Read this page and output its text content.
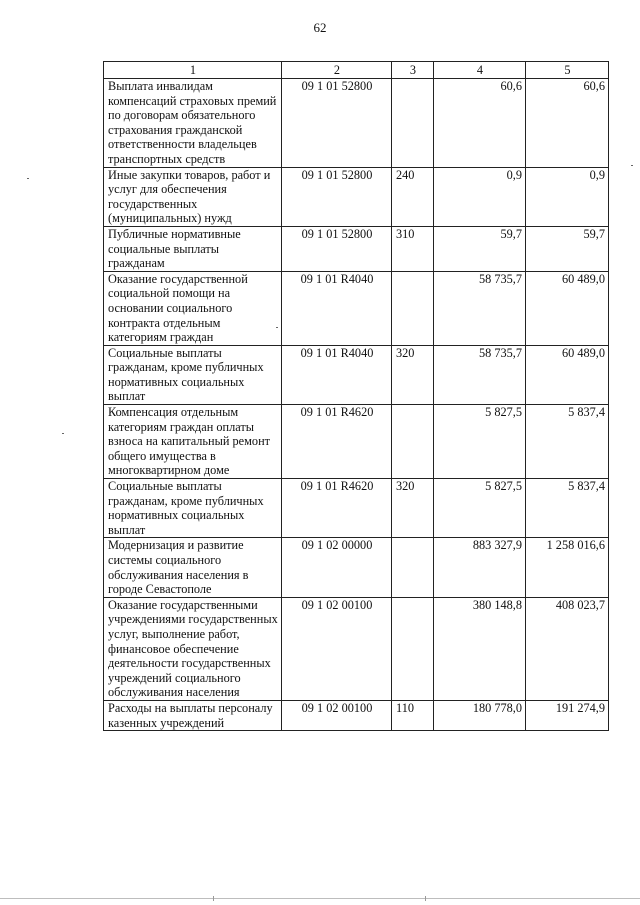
62
1	2	3	4	5
Выплата инвалидам компенсаций страховых премий по договорам обязательного страхования гражданской ответственности владельцев транспортных средств	09 1 01 52800		60,6	60,6
Иные закупки товаров, работ и услуг для обеспечения государственных (муниципальных) нужд	09 1 01 52800	240	0,9	0,9
Публичные нормативные социальные выплаты гражданам	09 1 01 52800	310	59,7	59,7
Оказание государственной социальной помощи на основании социального контракта отдельным категориям граждан	09 1 01 R4040		58 735,7	60 489,0
Социальные выплаты гражданам, кроме публичных нормативных социальных выплат	09 1 01 R4040	320	58 735,7	60 489,0
Компенсация отдельным категориям граждан оплаты взноса на капитальный ремонт общего имущества в многоквартирном доме	09 1 01 R4620		5 827,5	5 837,4
Социальные выплаты гражданам, кроме публичных нормативных социальных выплат	09 1 01 R4620	320	5 827,5	5 837,4
Модернизация и развитие системы социального обслуживания населения в городе Севастополе	09 1 02 00000		883 327,9	1 258 016,6
Оказание государственными учреждениями государственных услуг, выполнение работ, финансовое обеспечение деятельности государственных учреждений социального обслуживания населения	09 1 02 00100		380 148,8	408 023,7
Расходы на выплаты персоналу казенных учреждений	09 1 02 00100	110	180 778,0	191 274,9
